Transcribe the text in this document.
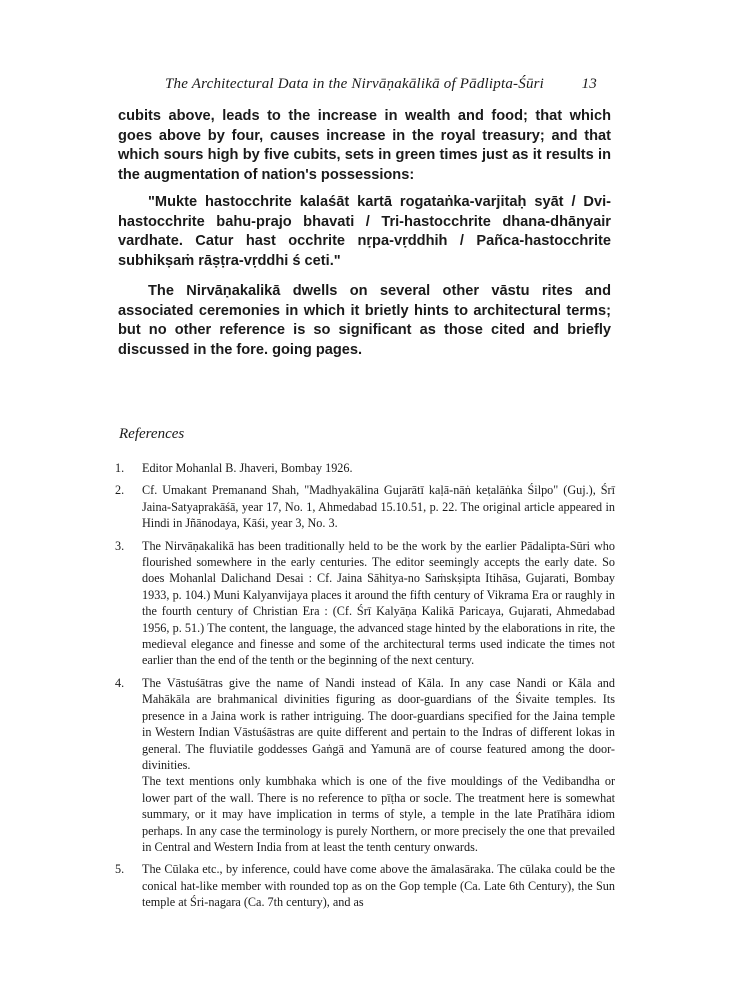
The Architectural Data in the Nirvāṇakālikā of Pādlipta-Śūri	13
cubits above, leads to the increase in wealth and food; that which goes above by four, causes increase in the royal treasury; and that which sours high by five cubits, sets in green times just as it results in the augmentation of nation's possessions:
"Mukte hastocchrite kalaśāt kartā rogataṅka-varjitaḥ syāt / Dvi-hastocchrite bahu-prajo bhavati / Tri-hastocchrite dhana-dhānyair vardhate. Catur hast occhrite nṛpa-vṛddhih / Pañca-hastocchrite subhikṣaṁ rāṣṭra-vṛddhi ś ceti."
The Nirvāṇakalikā dwells on several other vāstu rites and associated ceremonies in which it brietly hints to architectural terms; but no other reference is so significant as those cited and briefly discussed in the fore. going pages.
References
1. Editor Mohanlal B. Jhaveri, Bombay 1926.

2. Cf. Umakant Premanand Shah, "Madhyakālina Gujarātī kaḷā-nāṅ keṭalāṅka Śilpo" (Guj.), Śrī Jaina-Satyaprakāśā, year 17, No. 1, Ahmedabad 15.10.51, p. 22. The original article appeared in Hindi in Jñānodaya, Kāśi, year 3, No. 3.

3. The Nirvāṇakalikā has been traditionally held to be the work by the earlier Pādalipta-Sūri who flourished somewhere in the early centuries. The editor seemingly accepts the early date. So does Mohanlal Dalichand Desai : Cf. Jaina Sāhitya-no Saṁskṣipta Itihāsa, Gujarati, Bombay 1933, p. 104.) Muni Kalyanvijaya places it around the fifth century of Vikrama Era or raughly in the fourth century of Christian Era : (Cf. Śrī Kalyāṇa Kalikā Paricaya, Gujarati, Ahmedabad 1956, p. 51.) The content, the language, the advanced stage hinted by the elaborations in rite, the medieval elegance and finesse and some of the architectural terms used indicate the times not earlier than the end of the tenth or the beginning of the next century.

4. The Vāstuśātras give the name of Nandi instead of Kāla. In any case Nandi or Kāla and Mahākāla are brahmanical divinities figuring as door-guardians of the Śivaite temples. Its presence in a Jaina work is rather intriguing. The door-guardians specified for the Jaina temple in Western Indian Vāstuśāstras are quite different and pertain to the Indras of different lokas in general. The fluviatile goddesses Gaṅgā and Yamunā are of course featured among the door-divinities.

The text mentions only kumbhaka which is one of the five mouldings of the Vedibandha or lower part of the wall. There is no reference to pīṭha or socle. The treatment here is somewhat summary, or it may have implication in terms of style, a temple in the late Pratīhāra idiom perhaps. In any case the terminology is purely Northern, or more precisely the one that prevailed in Central and Western India from at least the tenth century onwards.

5. The Cūlaka etc., by inference, could have come above the āmalasāraka. The cūlaka could be the conical hat-like member with rounded top as on the Gop temple (Ca. Late 6th Century), the Sun temple at Śri-nagara (Ca. 7th century), and as
